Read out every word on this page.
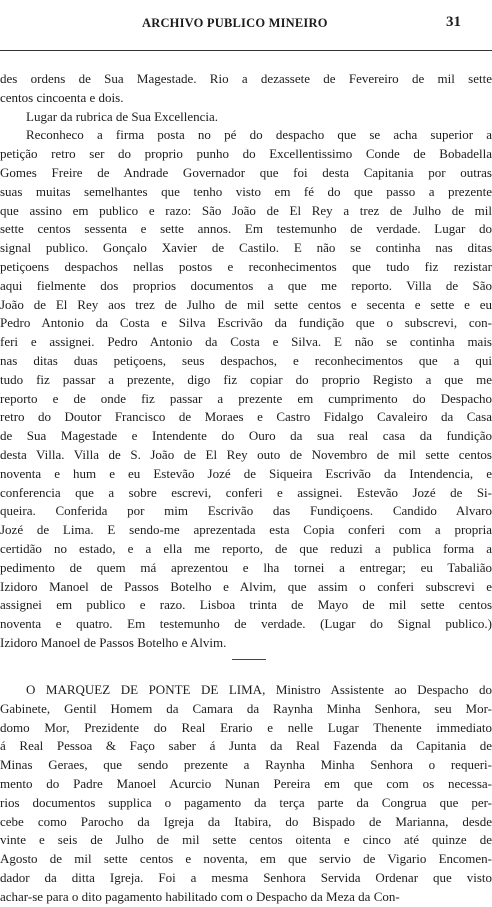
ARCHIVO PUBLICO MINEIRO	31
des ordens de Sua Magestade. Rio a dezassete de Fevereiro de mil sette
centos cincoenta e dois.
Lugar da rubrica de Sua Excellencia.
Reconheco a firma posta no pé do despacho que se acha superior a
petição retro ser do proprio punho do Excellentissimo Conde de Bobadella
Gomes Freire de Andrade Governador que foi desta Capitania por outras
suas muitas semelhantes que tenho visto em fé do que passo a prezente
que assino em publico e razo: São João de El Rey a trez de Julho de mil
sette centos sessenta e sette annos. Em testemunho de verdade. Lugar do
signal publico. Gonçalo Xavier de Castilo. E não se continha nas ditas
petiçoens despachos nellas postos e reconhecimentos que tudo fiz rezistar
aqui fielmente dos proprios documentos a que me reporto. Villa de São
João de El Rey aos trez de Julho de mil sette centos e secenta e sette e eu
Pedro Antonio da Costa e Silva Escrivão da fundição que o subscrevi, con-
feri e assignei. Pedro Antonio da Costa e Silva. E não se continha mais
nas ditas duas petiçoens, seus despachos, e reconhecimentos que a qui
tudo fiz passar a prezente, digo fiz copiar do proprio Registo a que me
reporto e de onde fiz passar a prezente em cumprimento do Despacho
retro do Doutor Francisco de Moraes e Castro Fidalgo Cavaleiro da Casa
de Sua Magestade e Intendente do Ouro da sua real casa da fundição
desta Villa. Villa de S. João de El Rey outo de Novembro de mil sette centos
noventa e hum e eu Estevão Jozé de Siqueira Escrivão da Intendencia, e
conferencia que a sobre escrevi, conferi e assignei. Estevão Jozé de Si-
queira. Conferida por mim Escrivão das Fundiçoens. Candido Alvaro
Jozé de Lima. E sendo-me aprezentada esta Copia conferi com a propria
certidão no estado, e a ella me reporto, de que reduzi a publica forma a
pedimento de quem má aprezentou e lha tornei a entregar; eu Tabalião
Izidoro Manoel de Passos Botelho e Alvim, que assim o conferi subscrevi e
assignei em publico e razo. Lisboa trinta de Mayo de mil sette centos
noventa e quatro. Em testemunho de verdade. (Lugar do Signal publico.)
Izidoro Manoel de Passos Botelho e Alvim.
O MARQUEZ DE PONTE DE LIMA, Ministro Assistente ao Despacho do
Gabinete, Gentil Homem da Camara da Raynha Minha Senhora, seu Mor-
domo Mor, Prezidente do Real Erario e nelle Lugar Thenente immediato
á Real Pessoa & Faço saber á Junta da Real Fazenda da Capitania de
Minas Geraes, que sendo prezente a Raynha Minha Senhora o requeri-
mento do Padre Manoel Acurcio Nunan Pereira em que com os necessa-
rios documentos supplica o pagamento da terça parte da Congrua que per-
cebe como Parocho da Igreja da Itabira, do Bispado de Marianna, desde
vinte e seis de Julho de mil sette centos oitenta e cinco até quinze de
Agosto de mil sette centos e noventa, em que servio de Vigario Encomen-
dador da ditta Igreja. Foi a mesma Senhora Servida Ordenar que visto
achar-se para o dito pagamento habilitado com o Despacho da Meza da Con-
